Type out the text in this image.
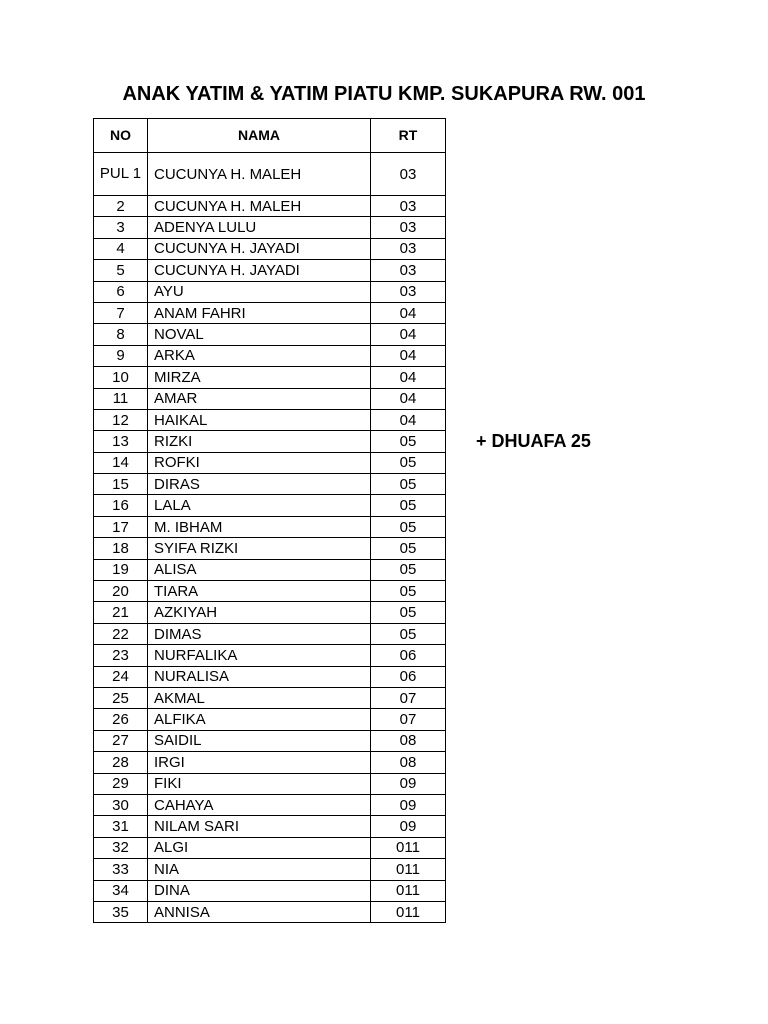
ANAK YATIM & YATIM PIATU KMP. SUKAPURA RW. 001
NO	NAMA	RT
PUL 1	CUCUNYA H. MALEH	03
2	CUCUNYA H. MALEH	03
3	ADENYA LULU	03
4	CUCUNYA H. JAYADI	03
5	CUCUNYA H. JAYADI	03
6	AYU	03
7	ANAM FAHRI	04
8	NOVAL	04
9	ARKA	04
10	MIRZA	04
11	AMAR	04
12	HAIKAL	04
13	RIZKI	05
14	ROFKI	05
15	DIRAS	05
16	LALA	05
17	M. IBHAM	05
18	SYIFA RIZKI	05
19	ALISA	05
20	TIARA	05
21	AZKIYAH	05
22	DIMAS	05
23	NURFALIKA	06
24	NURALISA	06
25	AKMAL	07
26	ALFIKA	07
27	SAIDIL	08
28	IRGI	08
29	FIKI	09
30	CAHAYA	09
31	NILAM SARI	09
32	ALGI	011
33	NIA	011
34	DINA	011
35	ANNISA	011
+ DHUAFA 25
